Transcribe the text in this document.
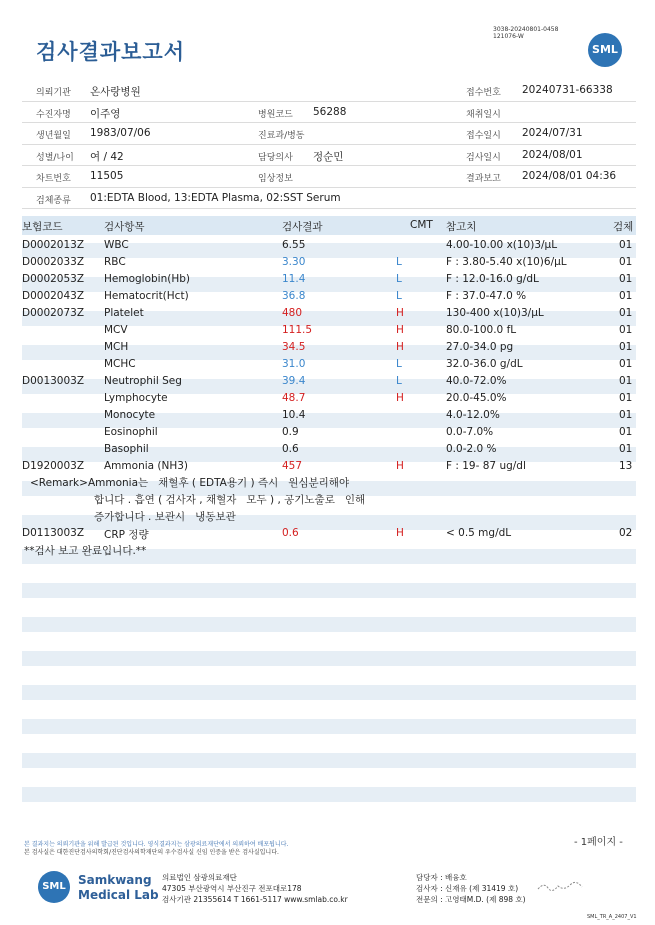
검사결과보고서
3038-20240801-0458
121076-W
SML
의뢰기관 온사랑병원	접수번호 20240731-66338
수진자명 이주영	병원코드 56288	채취일시
생년월일 1983/07/06	진료과/병동	접수일시 2024/07/31
성별/나이 여 / 42	담당의사 정순민	검사일시 2024/08/01
차트번호 11505	임상정보	결과보고 2024/08/01 04:36
검체종류 01:EDTA Blood, 13:EDTA Plasma, 02:SST Serum
보험코드	검사항목	검사결과	CMT 참고치	검체
D0002013Z WBC	6.55	4.00-10.00 x(10)3/µL	01
D0002033Z RBC	3.30	L	F : 3.80-5.40 x(10)6/µL	01
D0002053Z Hemoglobin(Hb)	11.4	L	F : 12.0-16.0 g/dL	01
D0002043Z Hematocrit(Hct)	36.8	L	F : 37.0-47.0 %	01
D0002073Z Platelet	480	H	130-400 x(10)3/µL	01
MCV	111.5	H	80.0-100.0 fL	01
MCH	34.5	H	27.0-34.0 pg	01
MCHC	31.0	L	32.0-36.0 g/dL	01
D0013003Z Neutrophil Seg	39.4	L	40.0-72.0%	01
Lymphocyte	48.7	H	20.0-45.0%	01
Monocyte	10.4	4.0-12.0%	01
Eosinophil	0.9	0.0-7.0%	01
Basophil	0.6	0.0-2.0 %	01
D1920003Z Ammonia (NH3)	457	H	F : 19- 87 ug/dl	13
<Remark>Ammonia는   채혈후 ( EDTA용기 ) 즉시   원심분리해야
합니다 . 흡연 ( 검사자 , 채혈자   모두 ) , 공기노출로   인해
증가합니다 . 보관시   냉동보관
D0113003Z CRP 정량	0.6	H	< 0.5 mg/dL	02
**검사 보고 완료입니다.**
본 결과지는 의뢰기관을 위해 발급된 것입니다. 영식결과지는 삼광의료재단에서 의뢰하여 배포됩니다.
본 검사실은 대한진단검사의학회/진단검사의학재단의 우수검사실 신임 인증을 받은 검사실입니다.
- 1페이지 -
SML	Samkwang
Medical Lab
의료법인 삼광의료재단
47305 부산광역시 부산진구 전포대로178
검사기관 21355614 T 1661-5117 www.smlab.co.kr
담당자 : 배융호
검사자 : 신재유 (제 31419 호)
전문의 : 고영태M.D. (제 898 호)
SML_TR_A_2407_V1
